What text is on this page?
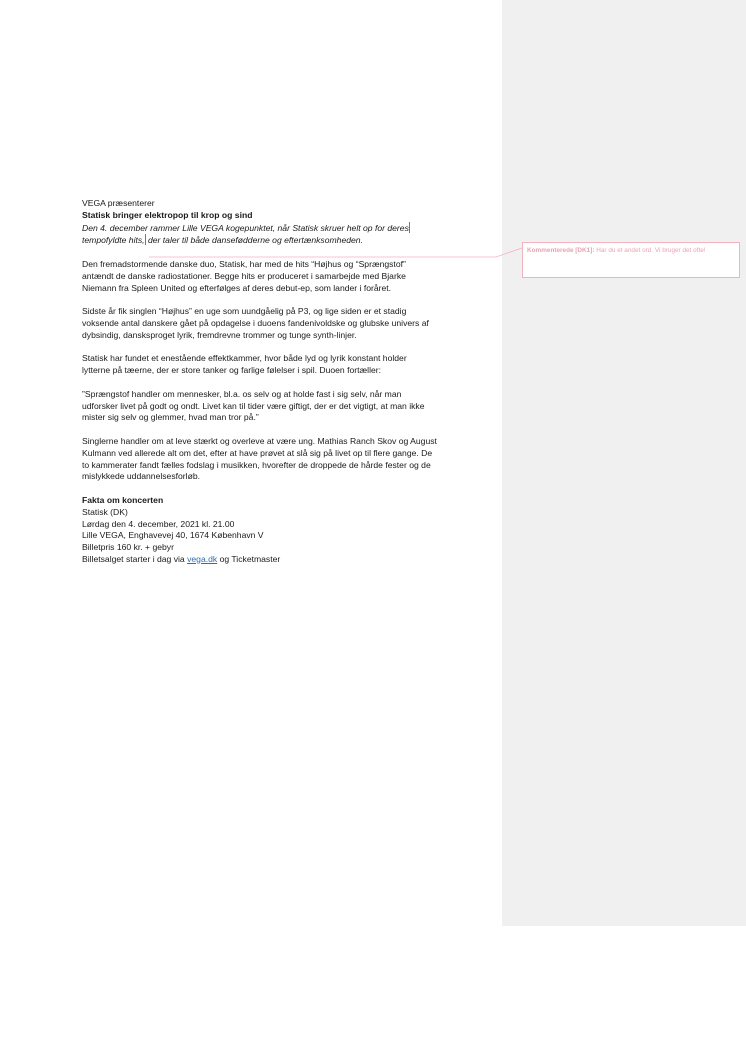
Kommenterede [DK1]: Har du et andet ord. Vi bruger det ofte!
VEGA præsenterer
Statisk bringer elektropop til krop og sind
Den 4. december rammer Lille VEGA kogepunktet, når Statisk skruer helt op for deres
tempofyldte hits, der taler til både dansefødderne og eftertænksomheden.

Den fremadstormende danske duo, Statisk, har med de hits “Højhus og “Sprængstof”
antændt de danske radiostationer. Begge hits er produceret i samarbejde med Bjarke
Niemann fra Spleen United og efterfølges af deres debut-ep, som lander i foråret.

Sidste år fik singlen “Højhus” en uge som uundgåelig på P3, og lige siden er et stadig
voksende antal danskere gået på opdagelse i duoens fandenivoldske og glubske univers af
dybsindig, dansksproget lyrik, fremdrevne trommer og tunge synth-linjer.

Statisk har fundet et enestående effektkammer, hvor både lyd og lyrik konstant holder
lytterne på tæerne, der er store tanker og farlige følelser i spil. Duoen fortæller:

”Sprængstof handler om mennesker, bl.a. os selv og at holde fast i sig selv, når man
udforsker livet på godt og ondt. Livet kan til tider være giftigt, der er det vigtigt, at man ikke
mister sig selv og glemmer, hvad man tror på.”

Singlerne handler om at leve stærkt og overleve at være ung. Mathias Ranch Skov og August
Kulmann ved allerede alt om det, efter at have prøvet at slå sig på livet op til flere gange. De
to kammerater fandt fælles fodslag i musikken, hvorefter de droppede de hårde fester og de
mislykkede uddannelsesforløb.

Fakta om koncerten
Statisk (DK)
Lørdag den 4. december, 2021 kl. 21.00
Lille VEGA, Enghavevej 40, 1674 København V
Billetpris 160 kr. + gebyr
Billetsalget starter i dag via vega.dk og Ticketmaster
